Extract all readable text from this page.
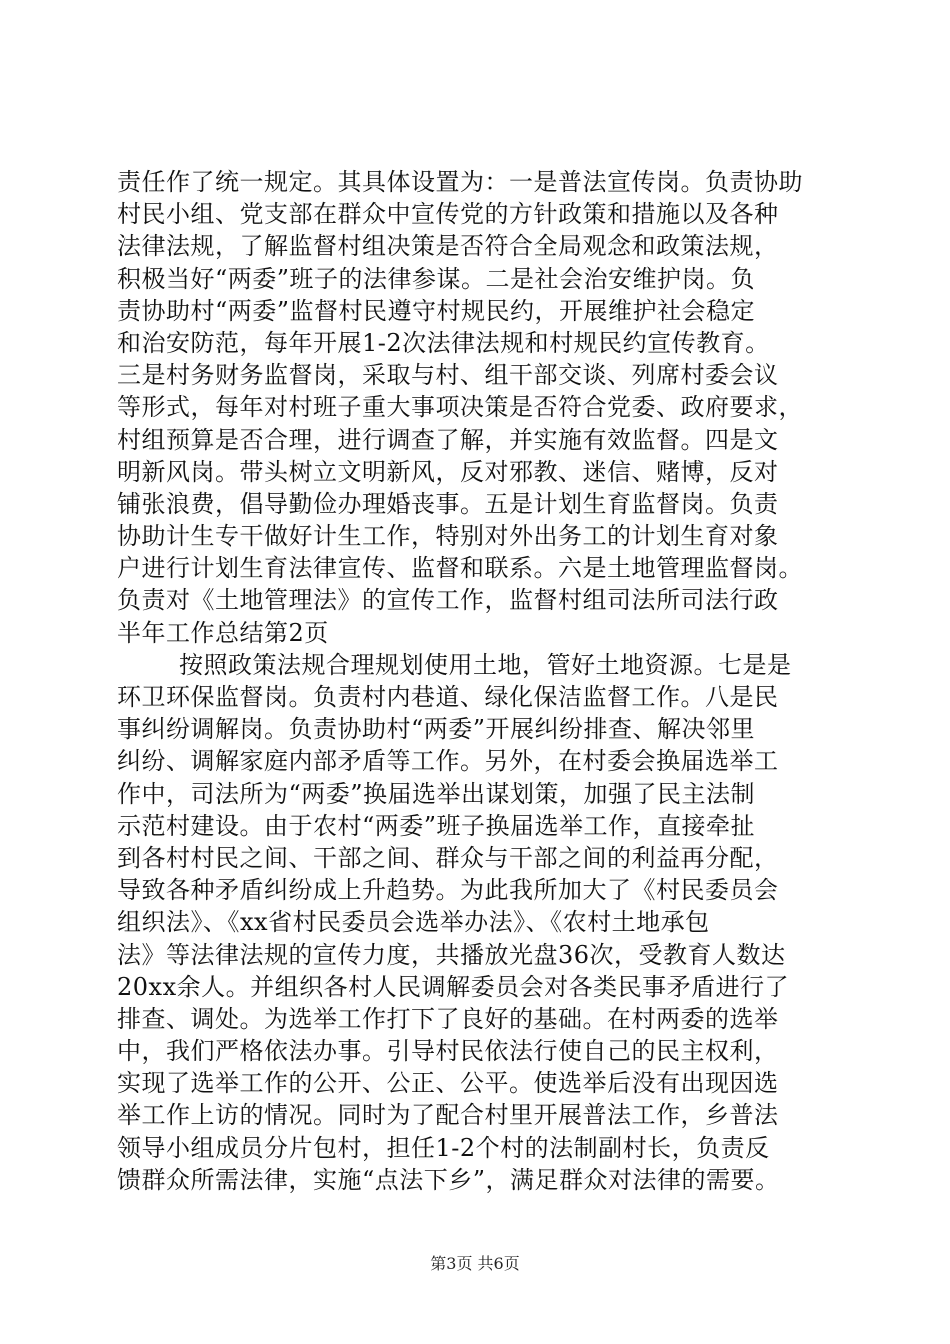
责任作了统一规定。其具体设置为：一是普法宣传岗。负责协助
村民小组、党支部在群众中宣传党的方针政策和措施以及各种
法律法规，了解监督村组决策是否符合全局观念和政策法规，
积极当好“两委”班子的法律参谋。二是社会治安维护岗。负
责协助村“两委”监督村民遵守村规民约，开展维护社会稳定
和治安防范，每年开展1-2次法律法规和村规民约宣传教育。
三是村务财务监督岗，采取与村、组干部交谈、列席村委会议
等形式，每年对村班子重大事项决策是否符合党委、政府要求，
村组预算是否合理，进行调查了解，并实施有效监督。四是文
明新风岗。带头树立文明新风，反对邪教、迷信、赌博，反对
铺张浪费，倡导勤俭办理婚丧事。五是计划生育监督岗。负责
协助计生专干做好计生工作，特别对外出务工的计划生育对象
户进行计划生育法律宣传、监督和联系。六是土地管理监督岗。
负责对《土地管理法》的宣传工作，监督村组司法所司法行政
半年工作总结第2页
按照政策法规合理规划使用土地，管好土地资源。七是是
环卫环保监督岗。负责村内巷道、绿化保洁监督工作。八是民
事纠纷调解岗。负责协助村“两委”开展纠纷排查、解决邻里
纠纷、调解家庭内部矛盾等工作。另外，在村委会换届选举工
作中，司法所为“两委”换届选举出谋划策，加强了民主法制
示范村建设。由于农村“两委”班子换届选举工作，直接牵扯
到各村村民之间、干部之间、群众与干部之间的利益再分配，
导致各种矛盾纠纷成上升趋势。为此我所加大了《村民委员会
组织法》、《xx省村民委员会选举办法》、《农村土地承包
法》等法律法规的宣传力度，共播放光盘36次，受教育人数达
20xx余人。并组织各村人民调解委员会对各类民事矛盾进行了
排查、调处。为选举工作打下了良好的基础。在村两委的选举
中，我们严格依法办事。引导村民依法行使自己的民主权利，
实现了选举工作的公开、公正、公平。使选举后没有出现因选
举工作上访的情况。同时为了配合村里开展普法工作，乡普法
领导小组成员分片包村，担任1-2个村的法制副村长，负责反
馈群众所需法律，实施“点法下乡”，满足群众对法律的需要。
第3页 共6页
